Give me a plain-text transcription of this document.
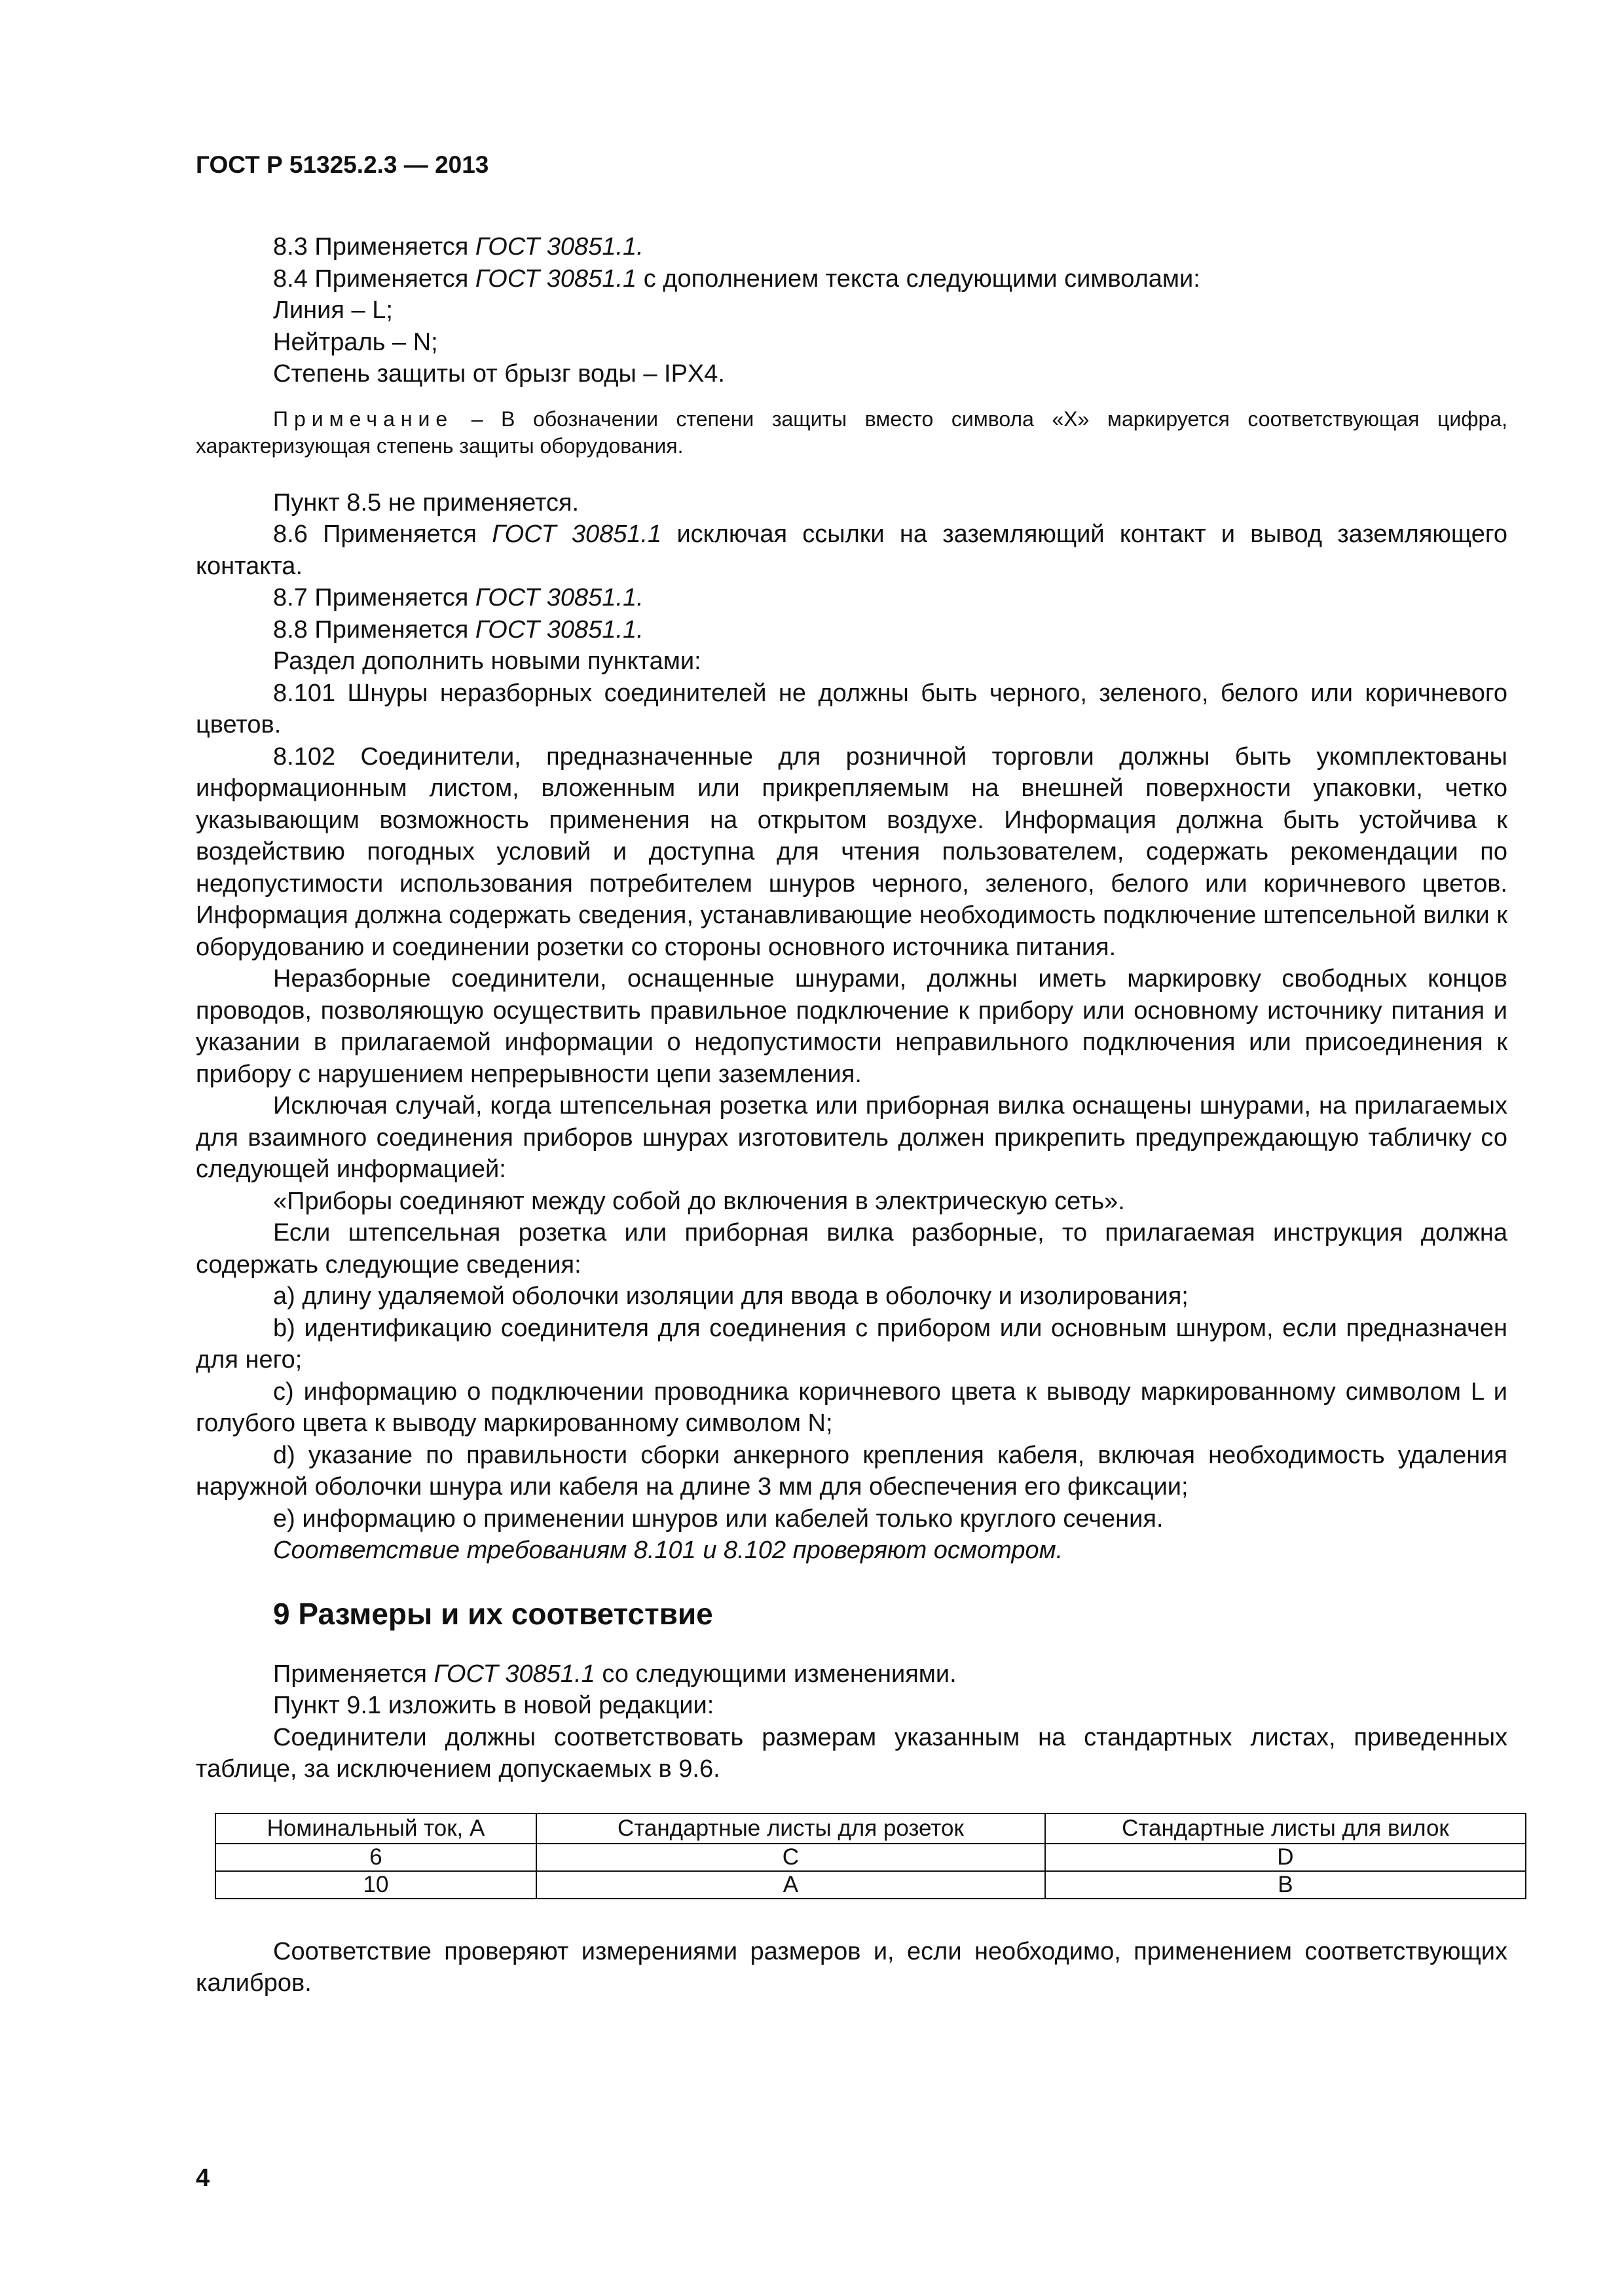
ГОСТ Р 51325.2.3 — 2013

8.3 Применяется ГОСТ 30851.1.

8.4 Применяется ГОСТ 30851.1 с дополнением текста следующими символами:

Линия – L;

Нейтраль – N;

Степень защиты от брызг воды – IPX4.

Примечание – В обозначении степени защиты вместо символа «X» маркируется соответствующая цифра, характеризующая степень защиты оборудования.

Пункт 8.5 не применяется.

8.6 Применяется ГОСТ 30851.1 исключая ссылки на заземляющий контакт и вывод заземляющего контакта.

8.7 Применяется ГОСТ 30851.1.

8.8 Применяется ГОСТ 30851.1.

Раздел дополнить новыми пунктами:

8.101 Шнуры неразборных соединителей не должны быть черного, зеленого, белого или коричневого цветов.

8.102 Соединители, предназначенные для розничной торговли должны быть укомплектованы информационным листом, вложенным или прикрепляемым на внешней поверхности упаковки, четко указывающим возможность применения на открытом воздухе. Информация должна быть устойчива к воздействию погодных условий и доступна для чтения пользователем, содержать рекомендации по недопустимости использования потребителем шнуров черного, зеленого, белого или коричневого цветов. Информация должна содержать сведения, устанавливающие необходимость подключение штепсельной вилки к оборудованию и соединении розетки со стороны основного источника питания.

Неразборные соединители, оснащенные шнурами, должны иметь маркировку свободных концов проводов, позволяющую осуществить правильное подключение к прибору или основному источнику питания и указании в прилагаемой информации о недопустимости неправильного подключения или присоединения к прибору с нарушением непрерывности цепи заземления.

Исключая случай, когда штепсельная розетка или приборная вилка оснащены шнурами, на прилагаемых для взаимного соединения приборов шнурах изготовитель должен прикрепить предупреждающую табличку со следующей информацией:

«Приборы соединяют между собой до включения в электрическую сеть».

Если штепсельная розетка или приборная вилка разборные, то прилагаемая инструкция должна содержать следующие сведения:

a) длину удаляемой оболочки изоляции для ввода в оболочку и изолирования;

b) идентификацию соединителя для соединения с прибором или основным шнуром, если предназначен для него;

c) информацию о подключении проводника коричневого цвета к выводу маркированному символом L и голубого цвета к выводу маркированному символом N;

d) указание по правильности сборки анкерного крепления кабеля, включая необходимость удаления наружной оболочки шнура или кабеля на длине 3 мм для обеспечения его фиксации;

e) информацию о применении шнуров или кабелей только круглого сечения.

Соответствие требованиям 8.101 и 8.102 проверяют осмотром.

9 Размеры и их соответствие

Применяется ГОСТ 30851.1 со следующими изменениями.

Пункт 9.1 изложить в новой редакции:

Соединители должны соответствовать размерам указанным на стандартных листах, приведенных таблице, за исключением допускаемых в 9.6.

Номинальный ток, А	Стандартные листы для розеток	Стандартные листы для вилок
6	C	D
10	A	B

Соответствие проверяют измерениями размеров и, если необходимо, применением соответствующих калибров.

4
